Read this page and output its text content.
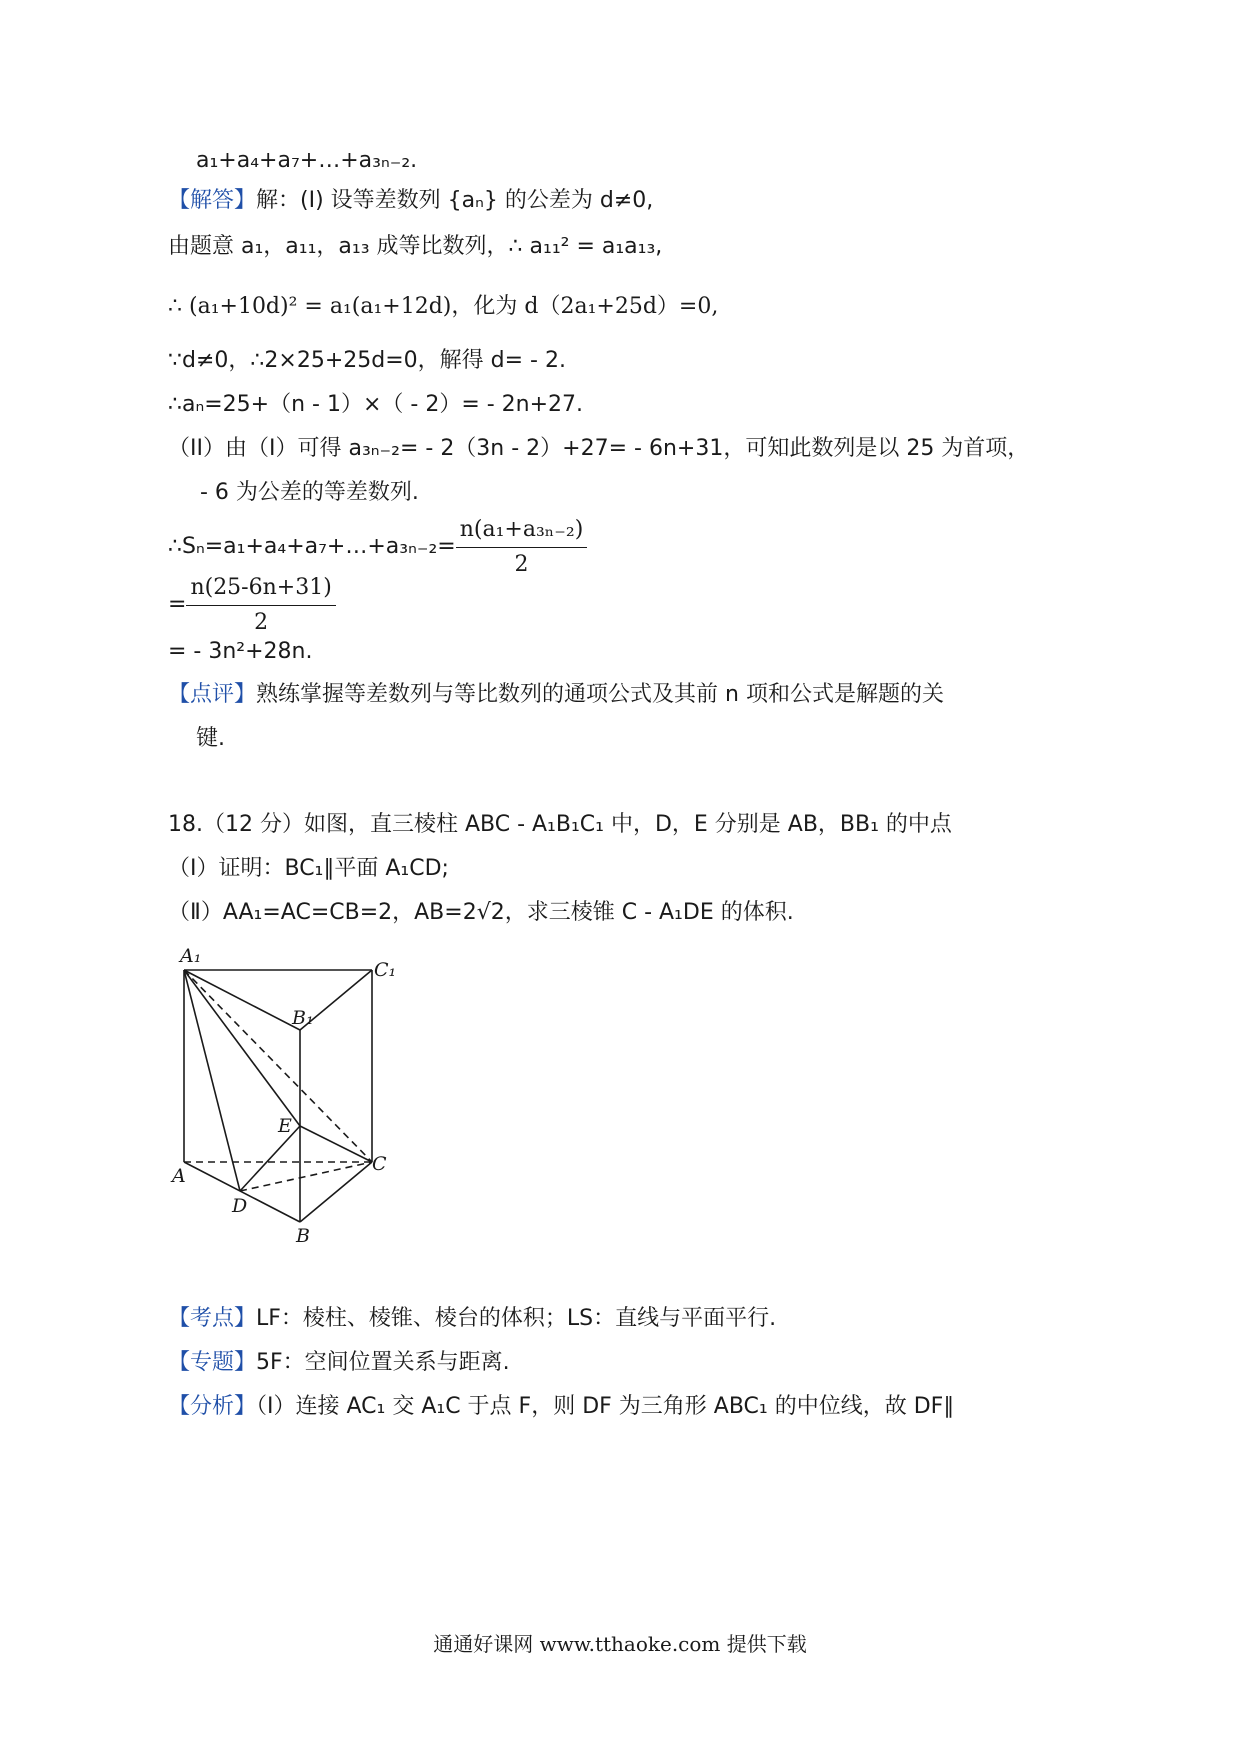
a₁+a₄+a₇+…+a₃ₙ₋₂.
【解答】解：(I) 设等差数列 {aₙ} 的公差为 d≠0,
由题意 a₁，a₁₁，a₁₃ 成等比数列，∴ a₁₁² = a₁a₁₃,
∴ (a₁+10d)² = a₁(a₁+12d)，化为 d（2a₁+25d）=0,
∵d≠0，∴2×25+25d=0，解得 d= - 2.
∴aₙ=25+（n - 1）×（ - 2）= - 2n+27.
（II）由（I）可得 a₃ₙ₋₂= - 2（3n - 2）+27= - 6n+31，可知此数列是以 25 为首项，
- 6 为公差的等差数列.
∴Sₙ=a₁+a₄+a₇+…+a₃ₙ₋₂= $\frac{\text{n(a₁+a₃ₙ₋₂)}}{2}$
= $\frac{n(25-6n+31)}{2}$
= - 3n²+28n.
【点评】熟练掌握等差数列与等比数列的通项公式及其前 n 项和公式是解题的关
键.
18.（12 分）如图，直三棱柱 ABC - A₁B₁C₁ 中，D，E 分别是 AB，BB₁ 的中点
（Ⅰ）证明：BC₁∥平面 A₁CD;
（Ⅱ）AA₁=AC=CB=2，AB=2√2，求三棱锥 C - A₁DE 的体积.
A₁
C₁
B₁
E
A
C
D
B
【考点】LF：棱柱、棱锥、棱台的体积；LS：直线与平面平行.
【专题】5F：空间位置关系与距离.
【分析】（Ⅰ）连接 AC₁ 交 A₁C 于点 F，则 DF 为三角形 ABC₁ 的中位线，故 DF∥
通通好课网 www.tthaoke.com 提供下载
